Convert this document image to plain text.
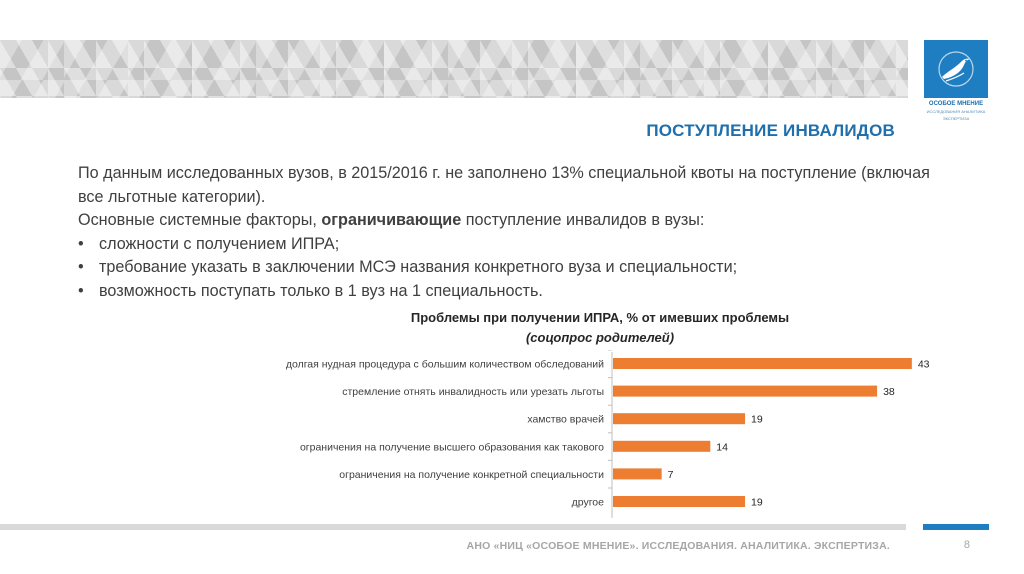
ОСОБОЕ МНЕНИЕ
ИССЛЕДОВАНИЯ АНАЛИТИКА ЭКСПЕРТИЗА
ПОСТУПЛЕНИЕ ИНВАЛИДОВ

По данным исследованных вузов, в 2015/2016 г. не заполнено 13% специальной квоты на поступление (включая все льготные категории).

Основные системные факторы, ограничивающие поступление инвалидов в вузы:

• сложности с получением ИПРА;
• требование указать в заключении МСЭ названия конкретного вуза и специальности;
• возможность поступать только в 1 вуз на 1 специальность.
Проблемы при получении ИПРА, % от имевших проблемы
(соцопрос родителей)
долгая нудная процедура с большим количеством обследований	43
стремление отнять инвалидность или урезать льготы	38
хамство врачей	19
ограничения на получение высшего образования как такового	14
ограничения на получение конкретной специальности	7
другое	19
АНО «НИЦ «ОСОБОЕ МНЕНИЕ». ИССЛЕДОВАНИЯ. АНАЛИТИКА. ЭКСПЕРТИЗА.	8
